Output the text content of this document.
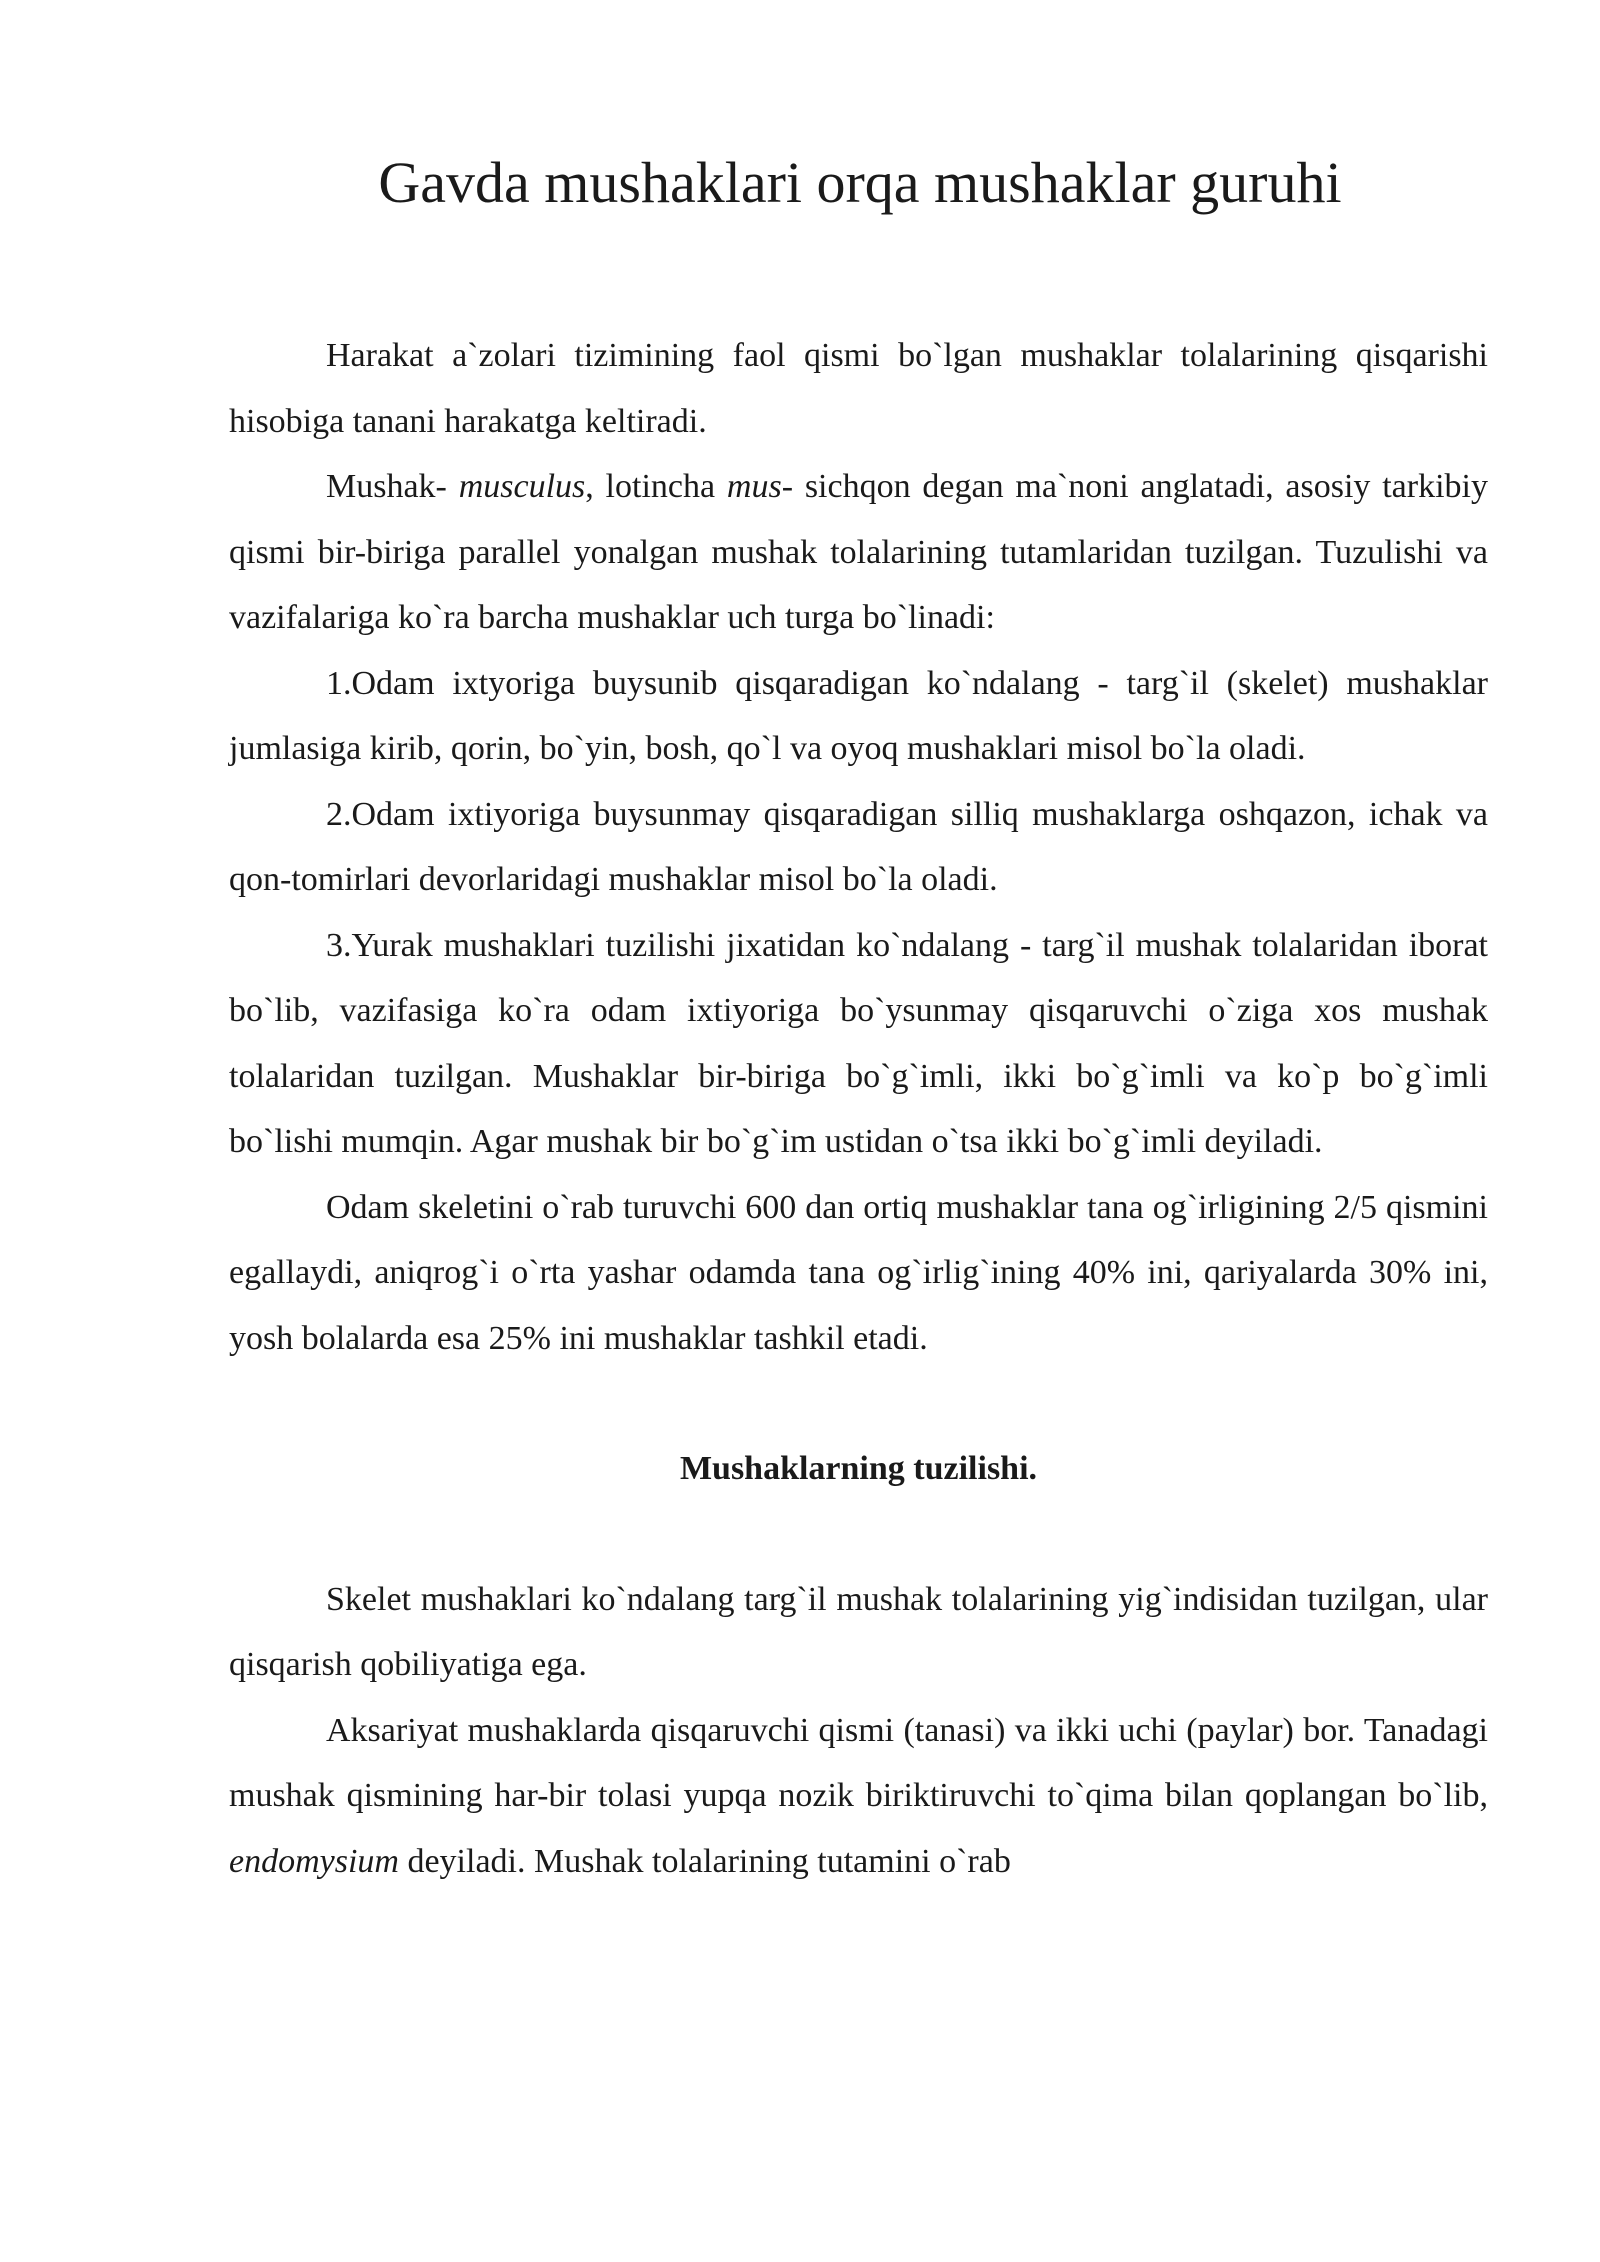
Gavda mushaklari orqa mushaklar guruhi

Harakat a`zolari tizimining faol qismi bo`lgan mushaklar tolalarining qisqarishi hisobiga tanani harakatga keltiradi.

Mushak- musculus, lotincha mus- sichqon degan ma`noni anglatadi, asosiy tarkibiy qismi bir-biriga parallel yonalgan mushak tolalarining tutamlaridan tuzilgan. Tuzulishi va vazifalariga ko`ra barcha mushaklar uch turga bo`linadi:

1.Odam ixtyoriga buysunib qisqaradigan ko`ndalang - targ`il (skelet) mushaklar jumlasiga kirib, qorin, bo`yin, bosh, qo`l va oyoq mushaklari misol bo`la oladi.

2.Odam ixtiyoriga buysunmay qisqaradigan silliq mushaklarga oshqazon, ichak va qon-tomirlari devorlaridagi mushaklar misol bo`la oladi.

3.Yurak mushaklari tuzilishi jixatidan ko`ndalang - targ`il mushak tolalaridan iborat bo`lib, vazifasiga ko`ra odam ixtiyoriga bo`ysunmay qisqaruvchi o`ziga xos mushak tolalaridan tuzilgan. Mushaklar bir-biriga bo`g`imli, ikki bo`g`imli va ko`p bo`g`imli bo`lishi mumqin. Agar mushak bir bo`g`im ustidan o`tsa ikki bo`g`imli deyiladi.

Odam skeletini o`rab turuvchi 600 dan ortiq mushaklar tana og`irligining 2/5 qismini egallaydi, aniqrog`i o`rta yashar odamda tana og`irlig`ining 40% ini, qariyalarda 30% ini, yosh bolalarda esa 25% ini mushaklar tashkil etadi.

Mushaklarning tuzilishi.

Skelet mushaklari ko`ndalang targ`il mushak tolalarining yig`indisidan tuzilgan, ular qisqarish qobiliyatiga ega.

Aksariyat mushaklarda qisqaruvchi qismi (tanasi) va ikki uchi (paylar) bor. Tanadagi mushak qismining har-bir tolasi yupqa nozik biriktiruvchi to`qima bilan qoplangan bo`lib, endomysium deyiladi. Mushak tolalarining tutamini o`rab
